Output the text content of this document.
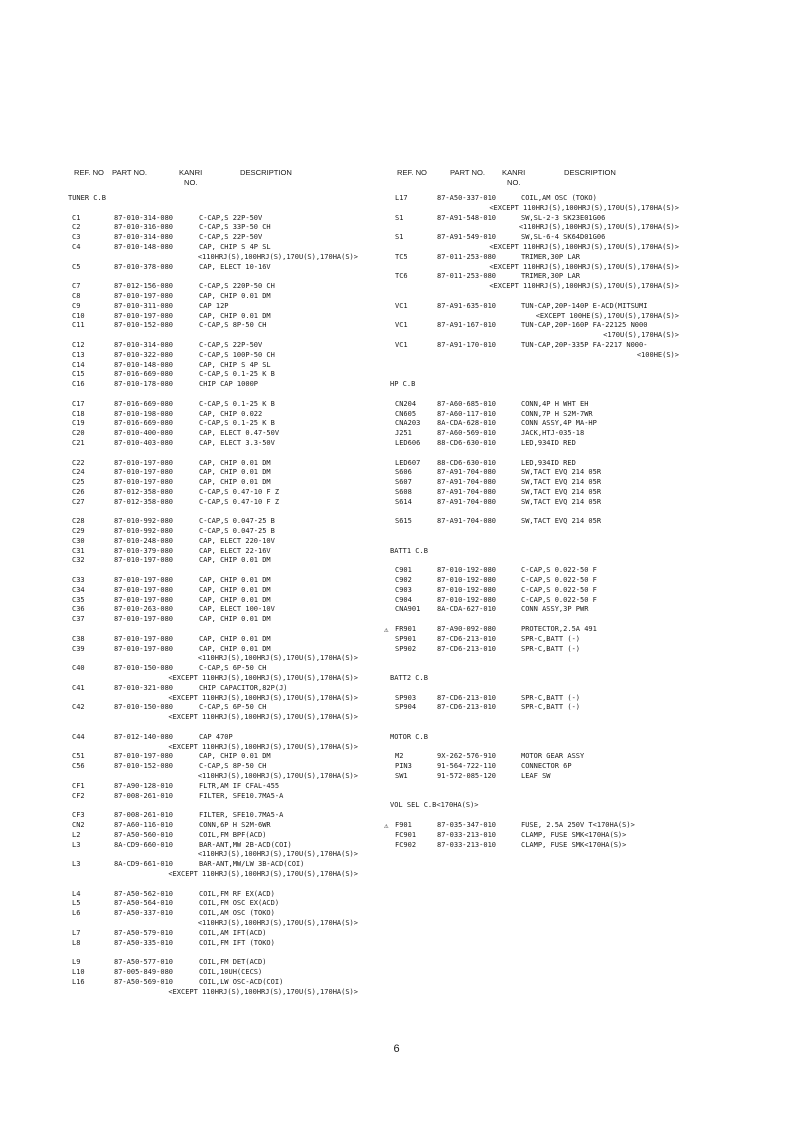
REF. NO PART NO.	KANRI
NO.
DESCRIPTION
TUNER C.B
C1	87-010-314-080	C-CAP,S 22P-50V
C2	87-010-316-080	C-CAP,S 33P-50 CH
C3	87-010-314-080	C-CAP,S 22P-50V
C4	87-010-148-080	CAP, CHIP S 4P SL
<110HRJ(S),100HRJ(S),170U(S),170HA(S)>
C5	87-010-378-080	CAP, ELECT 10-16V
C7	87-012-156-080	C-CAP,S 220P-50 CH
C8	87-010-197-080	CAP, CHIP 0.01 DM
C9	87-010-311-080	CAP 12P
C10	87-010-197-080	CAP, CHIP 0.01 DM
C11	87-010-152-080	C-CAP,S 8P-50 CH
C12	87-010-314-080	C-CAP,S 22P-50V
C13	87-010-322-080	C-CAP,S 100P-50 CH
C14	87-010-148-080	CAP, CHIP S 4P SL
C15	87-016-669-080	C-CAP,S 0.1-25 K B
C16	87-010-178-080	CHIP CAP 1000P
C17	87-016-669-080	C-CAP,S 0.1-25 K B
C18	87-010-198-080	CAP, CHIP 0.022
C19	87-016-669-080	C-CAP,S 0.1-25 K B
C20	87-010-400-080	CAP, ELECT 0.47-50V
C21	87-010-403-080	CAP, ELECT 3.3-50V
C22	87-010-197-080	CAP, CHIP 0.01 DM
C24	87-010-197-080	CAP, CHIP 0.01 DM
C25	87-010-197-080	CAP, CHIP 0.01 DM
C26	87-012-358-080	C-CAP,S 0.47-10 F Z
C27	87-012-358-080	C-CAP,S 0.47-10 F Z
C28	87-010-992-080	C-CAP,S 0.047-25 B
C29	87-010-992-080	C-CAP,S 0.047-25 B
C30	87-010-248-080	CAP, ELECT 220-10V
C31	87-010-379-080	CAP, ELECT 22-16V
C32	87-010-197-080	CAP, CHIP 0.01 DM
C33	87-010-197-080	CAP, CHIP 0.01 DM
C34	87-010-197-080	CAP, CHIP 0.01 DM
C35	87-010-197-080	CAP, CHIP 0.01 DM
C36	87-010-263-080	CAP, ELECT 100-10V
C37	87-010-197-080	CAP, CHIP 0.01 DM
C38	87-010-197-080	CAP, CHIP 0.01 DM
C39	87-010-197-080	CAP, CHIP 0.01 DM
<110HRJ(S),100HRJ(S),170U(S),170HA(S)>
C40	87-010-150-080	C-CAP,S 6P-50 CH
<EXCEPT 110HRJ(S),100HRJ(S),170U(S),170HA(S)>
C41	87-010-321-080	CHIP CAPACITOR,82P(J)
<EXCEPT 110HRJ(S),100HRJ(S),170U(S),170HA(S)>
C42	87-010-150-080	C-CAP,S 6P-50 CH
<EXCEPT 110HRJ(S),100HRJ(S),170U(S),170HA(S)>
C44	87-012-140-080	CAP 470P
<EXCEPT 110HRJ(S),100HRJ(S),170U(S),170HA(S)>
C51	87-010-197-080	CAP, CHIP 0.01 DM
C56	87-010-152-080	C-CAP,S 8P-50 CH
<110HRJ(S),100HRJ(S),170U(S),170HA(S)>
CF1	87-A90-128-010	FLTR,AM IF CFAL-455
CF2	87-008-261-010	FILTER, SFE10.7MA5-A
CF3	87-008-261-010	FILTER, SFE10.7MA5-A
CN2	87-A60-116-010	CONN,6P H S2M-6WR
L2	87-A50-560-010	COIL,FM BPF(ACD)
L3	8A-CD9-660-010	BAR-ANT,MW 2B-ACD(COI)
<110HRJ(S),100HRJ(S),170U(S),170HA(S)>
L3	8A-CD9-661-010	BAR-ANT,MW/LW 3B-ACD(COI)
<EXCEPT 110HRJ(S),100HRJ(S),170U(S),170HA(S)>
L4	87-A50-562-010	COIL,FM RF EX(ACD)
L5	87-A50-564-010	COIL,FM OSC EX(ACD)
L6	87-A50-337-010	COIL,AM OSC (TOKO)
<110HRJ(S),100HRJ(S),170U(S),170HA(S)>
L7	87-A50-579-010	COIL,AM IFT(ACD)
L8	87-A50-335-010	COIL,FM IFT (TOKO)
L9	87-A50-577-010	COIL,FM DET(ACD)
L10	87-005-849-080	COIL,10UH(CECS)
L16	87-A50-569-010	COIL,LW OSC-ACD(COI)
<EXCEPT 110HRJ(S),100HRJ(S),170U(S),170HA(S)>
REF. NO	PART NO. KANRI
NO.
DESCRIPTION
L17	87-A50-337-010	COIL,AM OSC (TOKO)
<EXCEPT 110HRJ(S),100HRJ(S),170U(S),170HA(S)>
S1	87-A91-548-010	SW,SL-2-3 SK23E01G06
<110HRJ(S),100HRJ(S),170U(S),170HA(S)>
S1	87-A91-549-010	SW,SL-6-4 SK64D01G06
<EXCEPT 110HRJ(S),100HRJ(S),170U(S),170HA(S)>
TC5	87-011-253-080	TRIMER,30P LAR
<EXCEPT 110HRJ(S),100HRJ(S),170U(S),170HA(S)>
TC6	87-011-253-080	TRIMER,30P LAR
<EXCEPT 110HRJ(S),100HRJ(S),170U(S),170HA(S)>
VC1	87-A91-635-010	TUN-CAP,20P-140P E-ACD(MITSUMI
<EXCEPT 100HE(S),170U(S),170HA(S)>
VC1	87-A91-167-010	TUN-CAP,20P-160P FA-22125 N000
<170U(S),170HA(S)>
VC1	87-A91-170-010	TUN-CAP,20P-335P FA-2217 N000-
<100HE(S)>
HP C.B
CN204	87-A60-685-010	CONN,4P H WHT EH
CN605	87-A60-117-010	CONN,7P H S2M-7WR
CNA203 8A-CDA-628-010	CONN ASSY,4P MA-HP
J251	87-A60-569-010	JACK,HTJ-035-18
LED606 88-CD6-630-010	LED,934ID RED
LED607 88-CD6-630-010	LED,934ID RED
S606	87-A91-704-080	SW,TACT EVQ 214 05R
S607	87-A91-704-080	SW,TACT EVQ 214 05R
S608	87-A91-704-080	SW,TACT EVQ 214 05R
S614	87-A91-704-080	SW,TACT EVQ 214 05R
S615	87-A91-704-080	SW,TACT EVQ 214 05R
BATT1 C.B
C901	87-010-192-080	C-CAP,S 0.022-50 F
C902	87-010-192-080	C-CAP,S 0.022-50 F
C903	87-010-192-080	C-CAP,S 0.022-50 F
C904	87-010-192-080	C-CAP,S 0.022-50 F
CNA901 8A-CDA-627-010	CONN ASSY,3P PWR
⚠ FR901	87-A90-092-080	PROTECTOR,2.5A 491
SP901	87-CD6-213-010	SPR-C,BATT (-)
SP902	87-CD6-213-010	SPR-C,BATT (-)
BATT2 C.B
SP903	87-CD6-213-010	SPR-C,BATT (-)
SP904	87-CD6-213-010	SPR-C,BATT (-)
MOTOR C.B
M2	9X-262-576-910	MOTOR GEAR ASSY
PIN3	91-564-722-110	CONNECTOR 6P
SW1	91-572-085-120	LEAF SW
VOL SEL C.B<170HA(S)>
⚠ F901	87-035-347-010	FUSE, 2.5A 250V T<170HA(S)>
FC901	87-033-213-010	CLAMP, FUSE SMK<170HA(S)>
FC902	87-033-213-010	CLAMP, FUSE SMK<170HA(S)>
6
